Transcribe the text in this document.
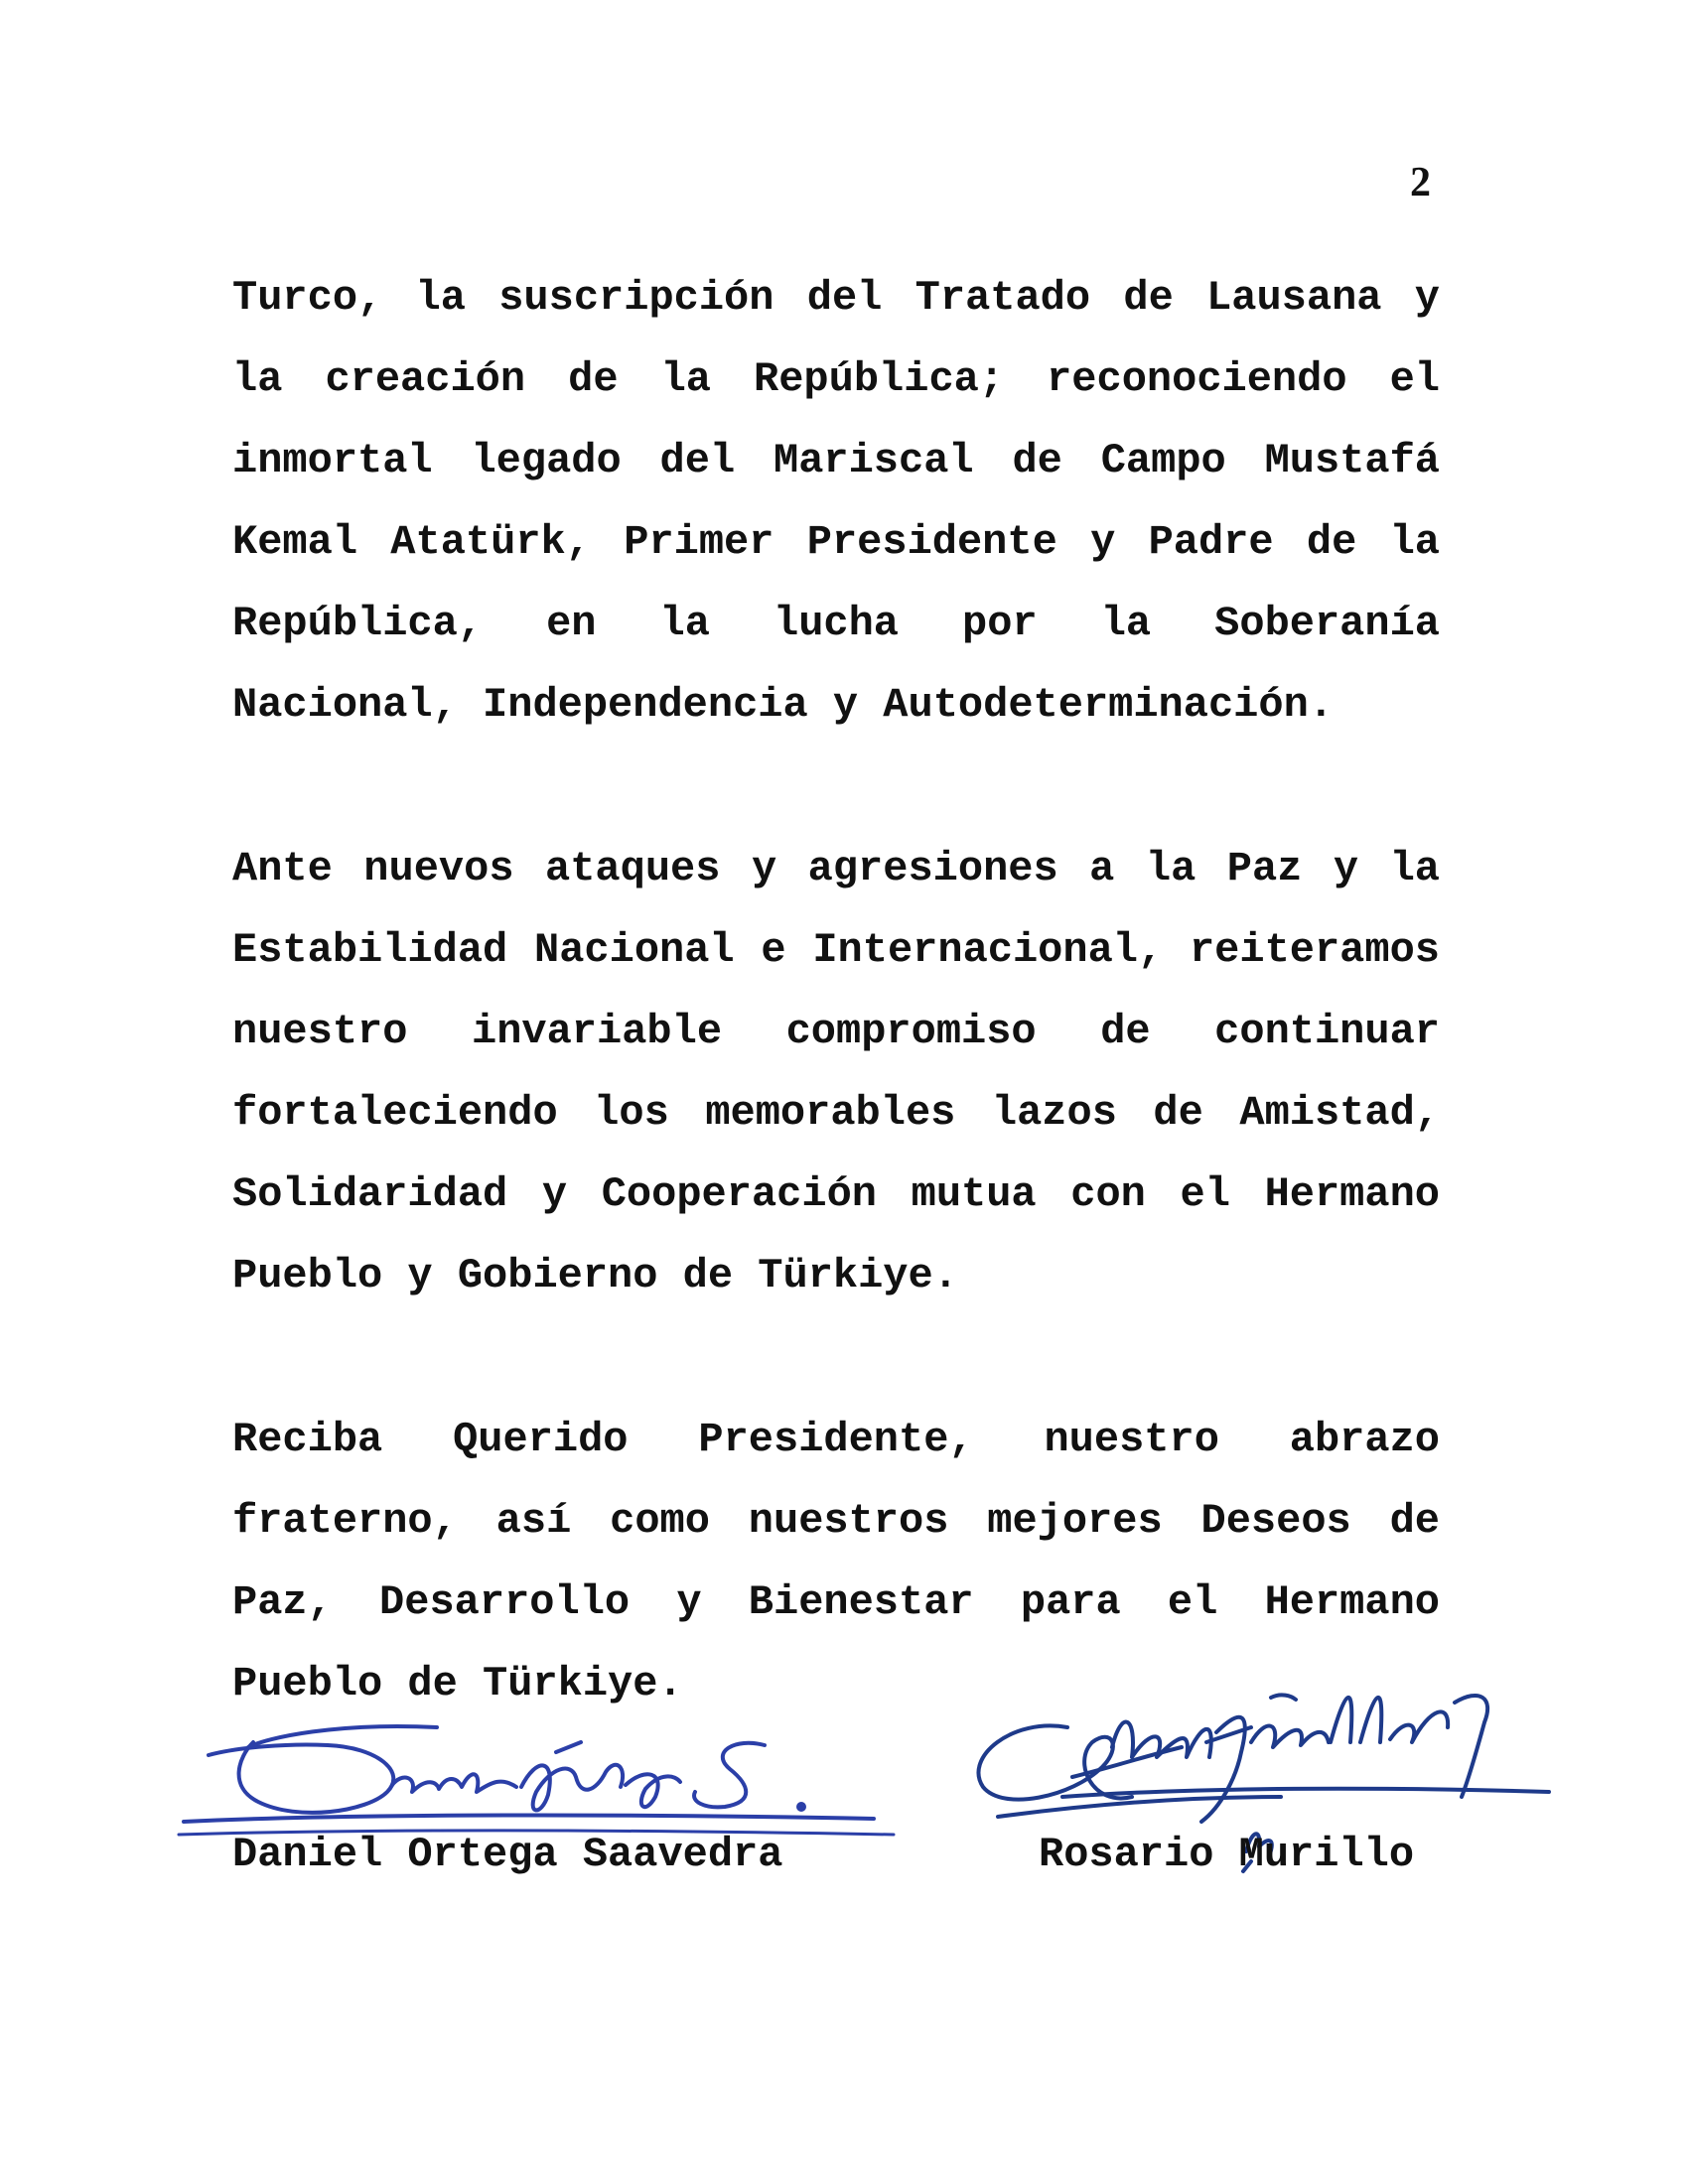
2

Turco, la suscripción del Tratado de Lausana y la creación de la República; reconociendo el inmortal legado del Mariscal de Campo Mustafá Kemal Atatürk, Primer Presidente y Padre de la República, en la lucha por la Soberanía Nacional, Independencia y Autodeterminación.

Ante nuevos ataques y agresiones a la Paz y la Estabilidad Nacional e Internacional, reiteramos nuestro invariable compromiso de continuar fortaleciendo los memorables lazos de Amistad, Solidaridad y Cooperación mutua con el Hermano Pueblo y Gobierno de Türkiye.

Reciba Querido Presidente, nuestro abrazo fraterno, así como nuestros mejores Deseos de Paz, Desarrollo y Bienestar para el Hermano Pueblo de Türkiye.

Daniel Ortega Saavedra	Rosario Murillo
